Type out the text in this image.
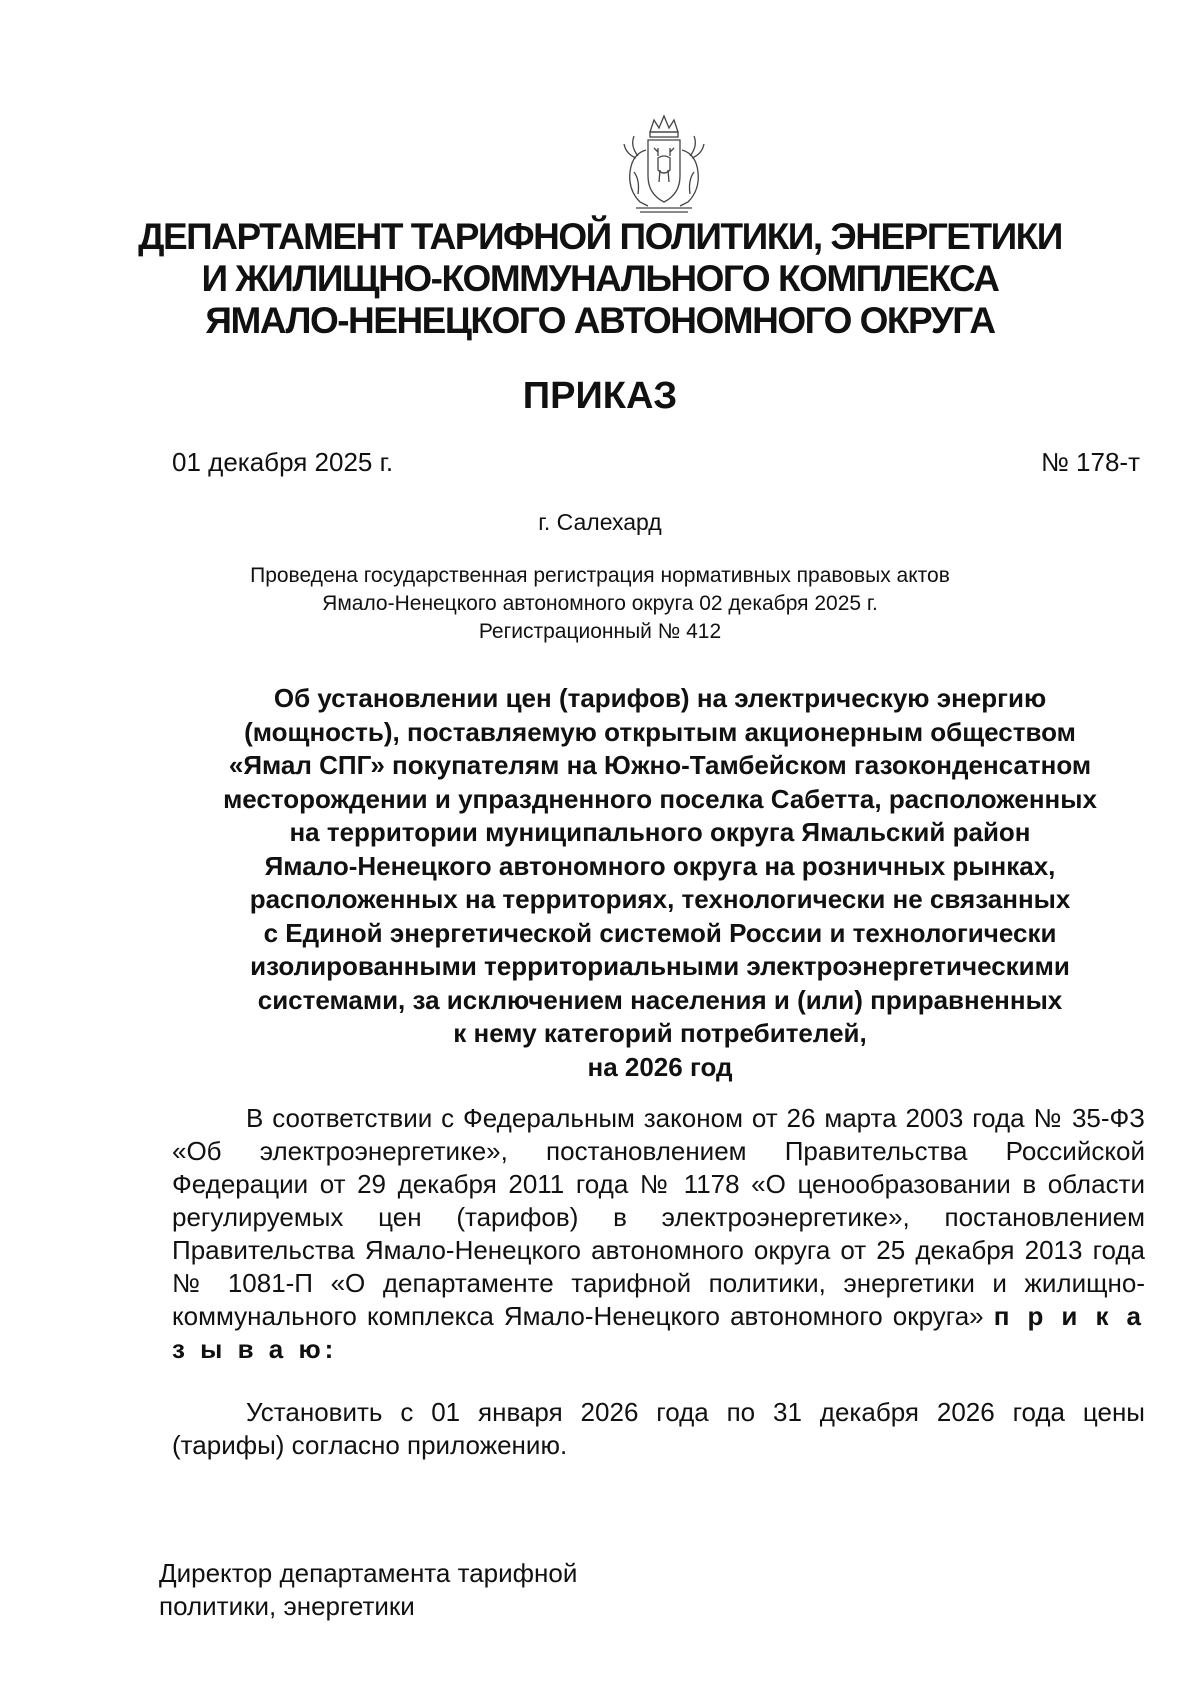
ДЕПАРТАМЕНТ ТАРИФНОЙ ПОЛИТИКИ, ЭНЕРГЕТИКИ
И ЖИЛИЩНО-КОММУНАЛЬНОГО КОМПЛЕКСА
ЯМАЛО-НЕНЕЦКОГО АВТОНОМНОГО ОКРУГА
ПРИКАЗ
01 декабря 2025 г.	№ 178-т
г. Салехард
Проведена государственная регистрация нормативных правовых актов
Ямало-Ненецкого автономного округа 02 декабря 2025 г.
Регистрационный № 412
Об установлении цен (тарифов) на электрическую энергию
(мощность), поставляемую открытым акционерным обществом
«Ямал СПГ» покупателям на Южно-Тамбейском газоконденсатном
месторождении и упраздненного поселка Сабетта, расположенных
на территории муниципального округа Ямальский район
Ямало-Ненецкого автономного округа на розничных рынках,
расположенных на территориях, технологически не связанных
с Единой энергетической системой России и технологически
изолированными территориальными электроэнергетическими
системами, за исключением населения и (или) приравненных
к нему категорий потребителей,
на 2026 год

В соответствии с Федеральным законом от 26 марта 2003 года № 35-ФЗ «Об электроэнергетике», постановлением Правительства Российской Федерации от 29 декабря 2011 года № 1178 «О ценообразовании в области регулируемых цен (тарифов) в электроэнергетике», постановлением Правительства Ямало-Ненецкого автономного округа от 25 декабря 2013 года № 1081-П «О департаменте тарифной политики, энергетики и жилищно-коммунального комплекса Ямало-Ненецкого автономного округа» п р и к а з ы в а ю:

Установить с 01 января 2026 года по 31 декабря 2026 года цены (тарифы) согласно приложению.

Директор департамента тарифной
политики, энергетики
